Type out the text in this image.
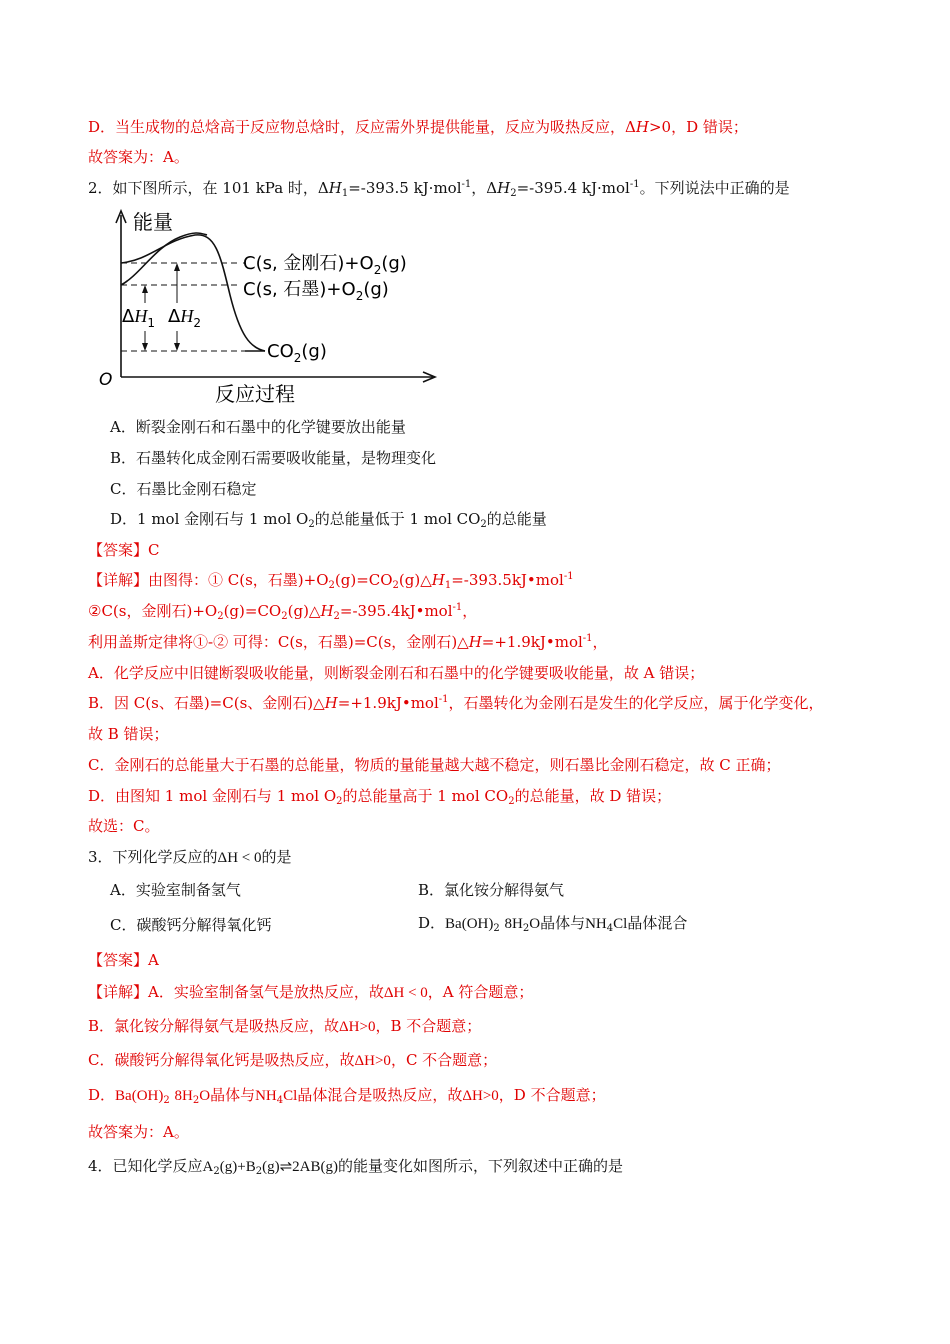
D．当生成物的总焓高于反应物总焓时，反应需外界提供能量，反应为吸热反应，ΔH>0，D 错误；
故答案为：A。
2．如下图所示，在 101 kPa 时，$\Delta H_1=-393.5$ kJ·mol$^{-1}$，$\Delta H_2=-395.4$ kJ·mol$^{-1}$。下列说法中正确的是
能量
反应过程
O
C(s, 金刚石)$+O_2(g)$
C(s, 石墨)$+O_2(g)$
$CO_2(g)$
$\Delta H_1$ $\Delta H_2$
A．断裂金刚石和石墨中的化学键要放出能量
B．石墨转化成金刚石需要吸收能量，是物理变化
C．石墨比金刚石稳定
D．1 mol 金刚石与 1 mol $O_2$的总能量低于 1 mol $CO_2$的总能量
【答案】C
【详解】由图得：① C(s，石墨)$+O_2(g)=CO_2(g)\triangle H_1=-393.5kJ•mol^{-1}$
②C(s，金刚石)$+O_2(g)=CO_2(g)\triangle H_2=-395.4kJ•mol^{-1}$，
利用盖斯定律将①-② 可得：C(s，石墨)=C(s，金刚石)△H=+1.9kJ•mol$^{-1}$，
A．化学反应中旧键断裂吸收能量，则断裂金刚石和石墨中的化学键要吸收能量，故 A 错误；
B．因 C(s、石墨)=C(s、金刚石)△H=+1.9kJ•mol$^{-1}$，石墨转化为金刚石是发生的化学反应，属于化学变化，
故 B 错误；
C．金刚石的总能量大于石墨的总能量，物质的量能量越大越不稳定，则石墨比金刚石稳定，故 C 正确；
D．由图知 1 mol 金刚石与 1 mol $O_2$的总能量高于 1 mol $CO_2$的总能量，故 D 错误；
故选：C。
3．下列化学反应的ΔH < 0的是
A．实验室制备氢气	B．氯化铵分解得氨气
C．碳酸钙分解得氧化钙	D．$Ba(OH)_2$ $8H_2O$晶体与$NH_4Cl$晶体混合
【答案】A
【详解】A．实验室制备氢气是放热反应，故ΔH < 0，A 符合题意；
B．氯化铵分解得氨气是吸热反应，故ΔH>0，B 不合题意；
C．碳酸钙分解得氧化钙是吸热反应，故ΔH>0，C 不合题意；
D．$Ba(OH)_2$ $8H_2O$晶体与$NH_4Cl$晶体混合是吸热反应，故ΔH>0，D 不合题意；
故答案为：A。
4．已知化学反应$A_2(g)+B_2(g)\rightleftharpoons 2AB(g)$的能量变化如图所示，下列叙述中正确的是
